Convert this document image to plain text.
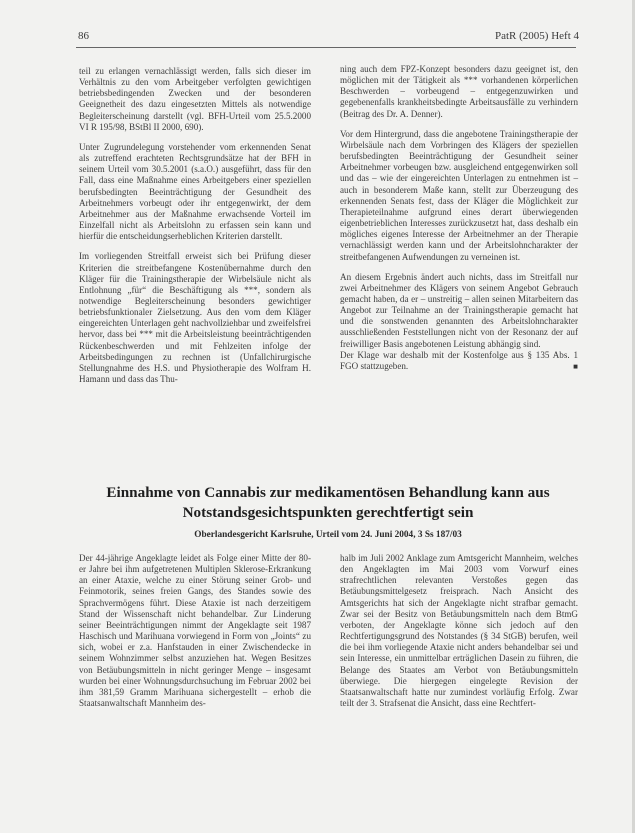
86	PatR (2005) Heft 4

teil zu erlangen vernachlässigt werden, falls sich dieser im Verhältnis zu den vom Arbeitgeber verfolgten gewichtigen betriebsbedingenden Zwecken und der besonderen Geeignetheit des dazu eingesetzten Mittels als notwendige Begleiterscheinung darstellt (vgl. BFH-Urteil vom 25.5.2000 VI R 195/98, BStBl II 2000, 690).

Unter Zugrundelegung vorstehender vom erkennenden Senat als zutreffend erachteten Rechtsgrundsätze hat der BFH in seinem Urteil vom 30.5.2001 (s.a.O.) ausgeführt, dass für den Fall, dass eine Maßnahme eines Arbeitgebers einer speziellen berufsbedingten Beeinträchtigung der Gesundheit des Arbeitnehmers vorbeugt oder ihr entgegenwirkt, der dem Arbeitnehmer aus der Maßnahme erwachsende Vorteil im Einzelfall nicht als Arbeitslohn zu erfassen sein kann und hierfür die entscheidungserheblichen Kriterien darstellt.

Im vorliegenden Streitfall erweist sich bei Prüfung dieser Kriterien die streitbefangene Kostenübernahme durch den Kläger für die Trainingstherapie der Wirbelsäule nicht als Entlohnung „für“ die Beschäftigung als ***, sondern als notwendige Begleiterscheinung besonders gewichtiger betriebsfunktionaler Zielsetzung. Aus den vom dem Kläger eingereichten Unterlagen geht nachvollziehbar und zweifelsfrei hervor, dass bei *** mit die Arbeitsleistung beeinträchtigenden Rückenbeschwerden und mit Fehlzeiten infolge der Arbeitsbedingungen zu rechnen ist (Unfallchirurgische Stellungnahme des H.S. und Physiotherapie des Wolfram H. Hamann und dass das Thu-

ning auch dem FPZ-Konzept besonders dazu geeignet ist, den möglichen mit der Tätigkeit als *** vorhandenen körperlichen Beschwerden – vorbeugend – entgegenzuwirken und gegebenenfalls krankheitsbedingte Arbeitsausfälle zu verhindern (Beitrag des Dr. A. Denner).

Vor dem Hintergrund, dass die angebotene Trainingstherapie der Wirbelsäule nach dem Vorbringen des Klägers der speziellen berufsbedingten Beeinträchtigung der Gesundheit seiner Arbeitnehmer vorbeugen bzw. ausgleichend entgegenwirken soll und das – wie der eingereichten Unterlagen zu entnehmen ist – auch in besonderem Maße kann, stellt zur Überzeugung des erkennenden Senats fest, dass der Kläger die Möglichkeit zur Therapieteilnahme aufgrund eines derart überwiegenden eigenbetrieblichen Interesses zurückzusetzt hat, dass deshalb ein mögliches eigenes Interesse der Arbeitnehmer an der Therapie vernachlässigt werden kann und der Arbeitslohncharakter der streitbefangenen Aufwendungen zu verneinen ist.

An diesem Ergebnis ändert auch nichts, dass im Streitfall nur zwei Arbeitnehmer des Klägers von seinem Angebot Gebrauch gemacht haben, da er – unstreitig – allen seinen Mitarbeitern das Angebot zur Teilnahme an der Trainingstherapie gemacht hat und die sonstwenden genannten des Arbeitslohncharakter ausschließenden Feststellungen nicht von der Resonanz der auf freiwilliger Basis angebotenen Leistung abhängig sind.

Der Klage war deshalb mit der Kostenfolge aus § 135 Abs. 1 FGO stattzugeben.	■

Einnahme von Cannabis zur medikamentösen Behandlung kann aus Notstandsgesichtspunkten gerechtfertigt sein
Oberlandesgericht Karlsruhe, Urteil vom 24. Juni 2004, 3 Ss 187/03

Der 44-jährige Angeklagte leidet als Folge einer Mitte der 80-er Jahre bei ihm aufgetretenen Multiplen Sklerose-Erkrankung an einer Ataxie, welche zu einer Störung seiner Grob- und Feinmotorik, seines freien Gangs, des Standes sowie des Sprachvermögens führt. Diese Ataxie ist nach derzeitigem Stand der Wissenschaft nicht behandelbar. Zur Linderung seiner Beeinträchtigungen nimmt der Angeklagte seit 1987 Haschisch und Marihuana vorwiegend in Form von „Joints“ zu sich, wobei er z.a. Hanfstauden in einer Zwischendecke in seinem Wohnzimmer selbst anzuziehen hat. Wegen Besitzes von Betäubungsmitteln in nicht geringer Menge – insgesamt wurden bei einer Wohnungsdurchsuchung im Februar 2002 bei ihm 381,59 Gramm Marihuana sichergestellt – erhob die Staatsanwaltschaft Mannheim des-

halb im Juli 2002 Anklage zum Amtsgericht Mannheim, welches den Angeklagten im Mai 2003 vom Vorwurf eines strafrechtlichen relevanten Verstoßes gegen das Betäubungsmittelgesetz freisprach. Nach Ansicht des Amtsgerichts hat sich der Angeklagte nicht strafbar gemacht. Zwar sei der Besitz von Betäubungsmitteln nach dem BtmG verboten, der Angeklagte könne sich jedoch auf den Rechtfertigungsgrund des Notstandes (§ 34 StGB) berufen, weil die bei ihm vorliegende Ataxie nicht anders behandelbar sei und sein Interesse, ein unmittelbar erträglichen Dasein zu führen, die Belange des Staates am Verbot von Betäubungsmitteln überwiege. Die hiergegen eingelegte Revision der Staatsanwaltschaft hatte nur zumindest vorläufig Erfolg. Zwar teilt der 3. Strafsenat die Ansicht, dass eine Rechtfert-
